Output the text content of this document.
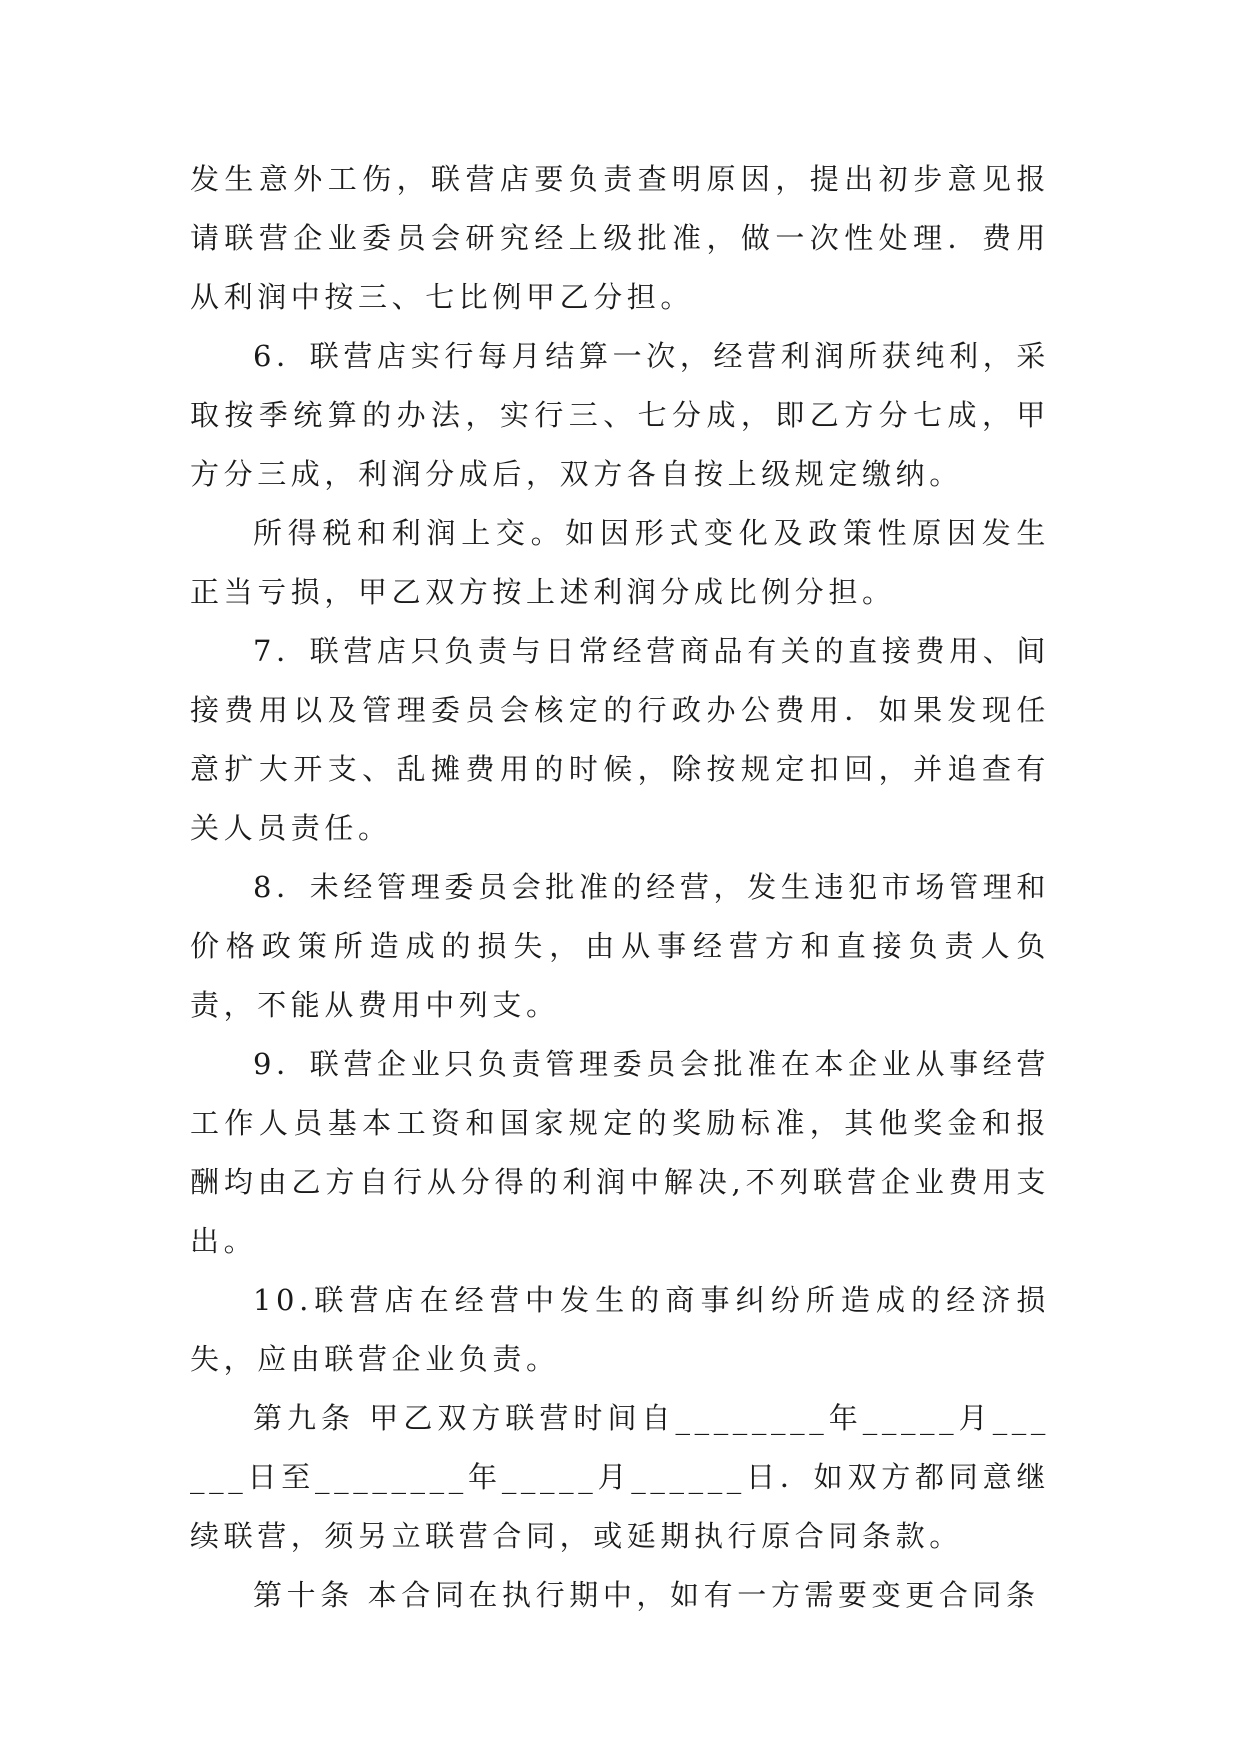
发生意外工伤，联营店要负责查明原因，提出初步意见报请联营企业委员会研究经上级批准，做一次性处理．费用从利润中按三、七比例甲乙分担。

6．联营店实行每月结算一次，经营利润所获纯利，采取按季统算的办法，实行三、七分成，即乙方分七成，甲方分三成，利润分成后，双方各自按上级规定缴纳。

所得税和利润上交。如因形式变化及政策性原因发生正当亏损，甲乙双方按上述利润分成比例分担。

7．联营店只负责与日常经营商品有关的直接费用、间接费用以及管理委员会核定的行政办公费用．如果发现任意扩大开支、乱摊费用的时候，除按规定扣回，并追查有关人员责任。

8．未经管理委员会批准的经营，发生违犯市场管理和价格政策所造成的损失，由从事经营方和直接负责人负责，不能从费用中列支。

9．联营企业只负责管理委员会批准在本企业从事经营工作人员基本工资和国家规定的奖励标准，其他奖金和报酬均由乙方自行从分得的利润中解决,不列联营企业费用支出。

10.联营店在经营中发生的商事纠纷所造成的经济损失，应由联营企业负责。

第九条 甲乙双方联营时间自________年_____月______日至________年_____月______日．如双方都同意继续联营，须另立联营合同，或延期执行原合同条款。

第十条 本合同在执行期中，如有一方需要变更合同条
